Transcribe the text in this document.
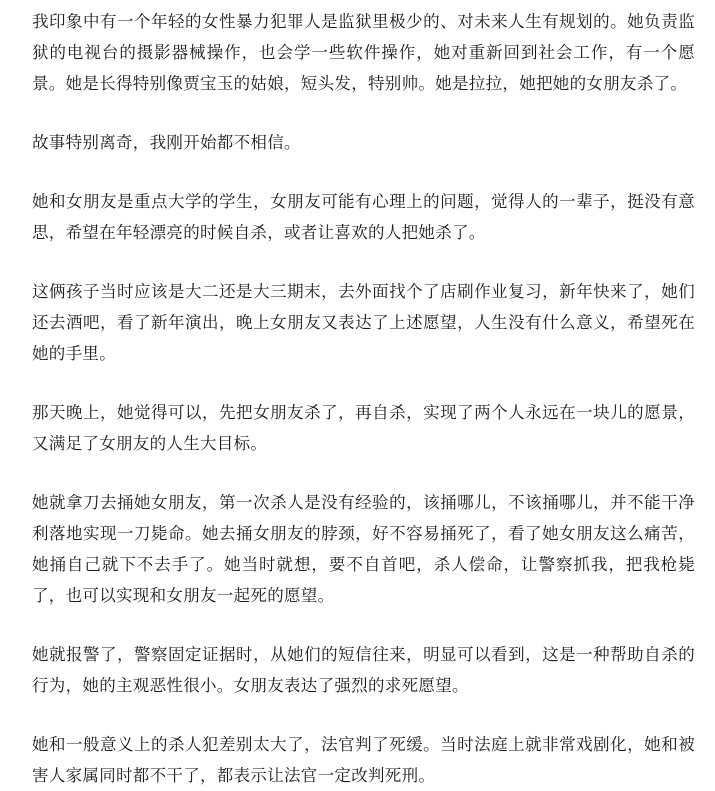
我印象中有一个年轻的女性暴力犯罪人是监狱里极少的、对未来人生有规划的。她负责监狱的电视台的摄影器械操作，也会学一些软件操作，她对重新回到社会工作，有一个愿景。她是长得特别像贾宝玉的姑娘，短头发，特别帅。她是拉拉，她把她的女朋友杀了。

故事特别离奇，我刚开始都不相信。

她和女朋友是重点大学的学生，女朋友可能有心理上的问题，觉得人的一辈子，挺没有意思，希望在年轻漂亮的时候自杀，或者让喜欢的人把她杀了。

这俩孩子当时应该是大二还是大三期末，去外面找个了店刷作业复习，新年快来了，她们还去酒吧，看了新年演出，晚上女朋友又表达了上述愿望，人生没有什么意义，希望死在她的手里。

那天晚上，她觉得可以，先把女朋友杀了，再自杀，实现了两个人永远在一块儿的愿景，又满足了女朋友的人生大目标。

她就拿刀去捅她女朋友，第一次杀人是没有经验的，该捅哪儿，不该捅哪儿，并不能干净利落地实现一刀毙命。她去捅女朋友的脖颈，好不容易捅死了，看了她女朋友这么痛苦，她捅自己就下不去手了。她当时就想，要不自首吧，杀人偿命，让警察抓我，把我枪毙了，也可以实现和女朋友一起死的愿望。

她就报警了，警察固定证据时，从她们的短信往来，明显可以看到，这是一种帮助自杀的行为，她的主观恶性很小。女朋友表达了强烈的求死愿望。

她和一般意义上的杀人犯差别太大了，法官判了死缓。当时法庭上就非常戏剧化，她和被害人家属同时都不干了，都表示让法官一定改判死刑。
